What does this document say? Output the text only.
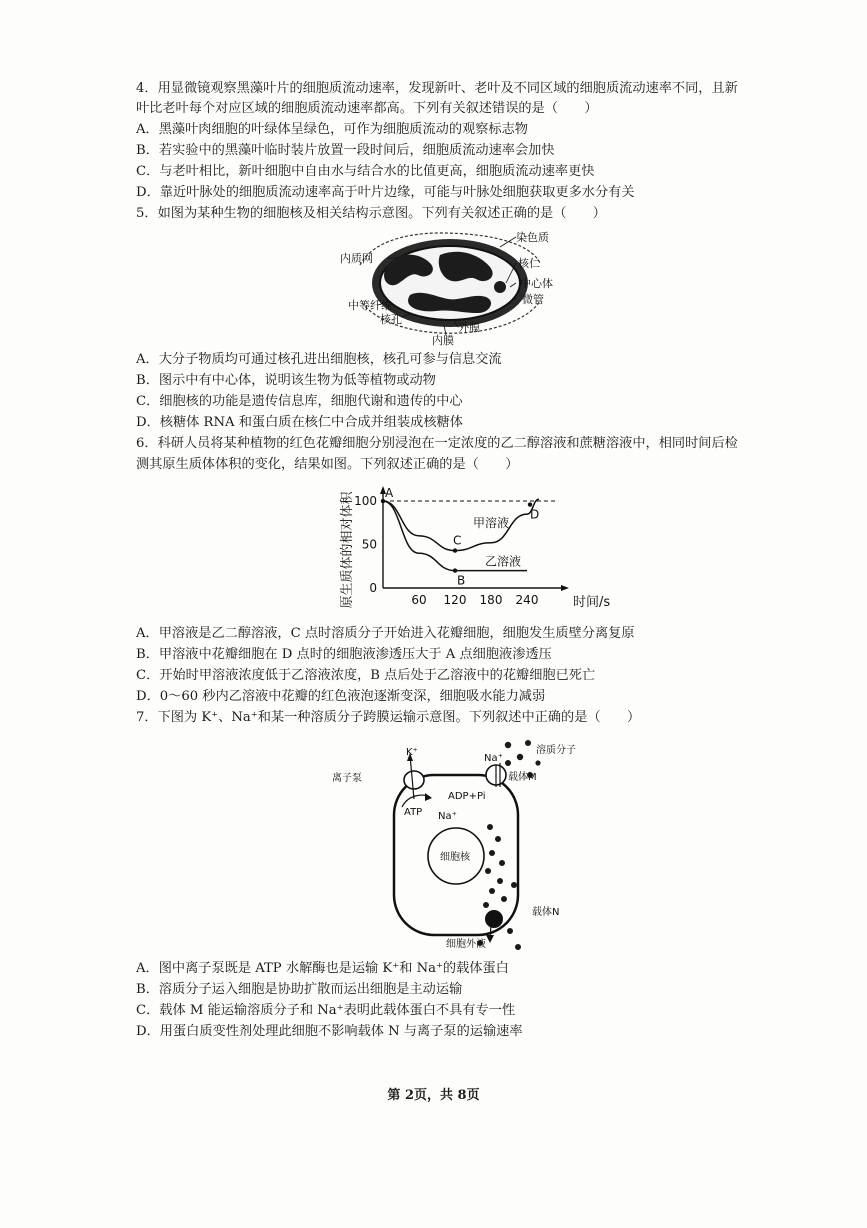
4．用显微镜观察黑藻叶片的细胞质流动速率，发现新叶、老叶及不同区域的细胞质流动速率不同，且新
叶比老叶每个对应区域的细胞质流动速率都高。下列有关叙述错误的是（　　）
A．黑藻叶肉细胞的叶绿体呈绿色，可作为细胞质流动的观察标志物
B．若实验中的黑藻叶临时装片放置一段时间后，细胞质流动速率会加快
C．与老叶相比，新叶细胞中自由水与结合水的比值更高，细胞质流动速率更快
D．靠近叶脉处的细胞质流动速率高于叶片边缘，可能与叶脉处细胞获取更多水分有关
5．如图为某种生物的细胞核及相关结构示意图。下列有关叙述正确的是（　　）
内质网
染色质
核仁
中心体
微管
中等纤维
核孔
外膜
内膜
A．大分子物质均可通过核孔进出细胞核，核孔可参与信息交流
B．图示中有中心体，说明该生物为低等植物或动物
C．细胞核的功能是遗传信息库，细胞代谢和遗传的中心
D．核糖体 RNA 和蛋白质在核仁中合成并组装成核糖体
6．科研人员将某种植物的红色花瓣细胞分别浸泡在一定浓度的乙二醇溶液和蔗糖溶液中，相同时间后检
测其原生质体体积的变化，结果如图。下列叙述正确的是（　　）
原生质体的相对体积	60 120 180 240
0
50
100
甲溶液
乙溶液
A
C
B
D
时间/s
A．甲溶液是乙二醇溶液，C 点时溶质分子开始进入花瓣细胞，细胞发生质壁分离复原
B．甲溶液中花瓣细胞在 D 点时的细胞液渗透压大于 A 点细胞液渗透压
C．开始时甲溶液浓度低于乙溶液浓度，B 点后处于乙溶液中的花瓣细胞已死亡
D．0～60 秒内乙溶液中花瓣的红色液泡逐渐变深，细胞吸水能力减弱
7．下图为 K⁺、Na⁺和某一种溶质分子跨膜运输示意图。下列叙述中正确的是（　　）
离子泵
K⁺
Na⁺
溶质分子
载体M
ADP+Pi
ATP Na⁺
细胞核
载体N
细胞外液
A．图中离子泵既是 ATP 水解酶也是运输 K⁺和 Na⁺的载体蛋白
B．溶质分子运入细胞是协助扩散而运出细胞是主动运输
C．载体 M 能运输溶质分子和 Na⁺表明此载体蛋白不具有专一性
D．用蛋白质变性剂处理此细胞不影响载体 N 与离子泵的运输速率
第 2页，共 8页
